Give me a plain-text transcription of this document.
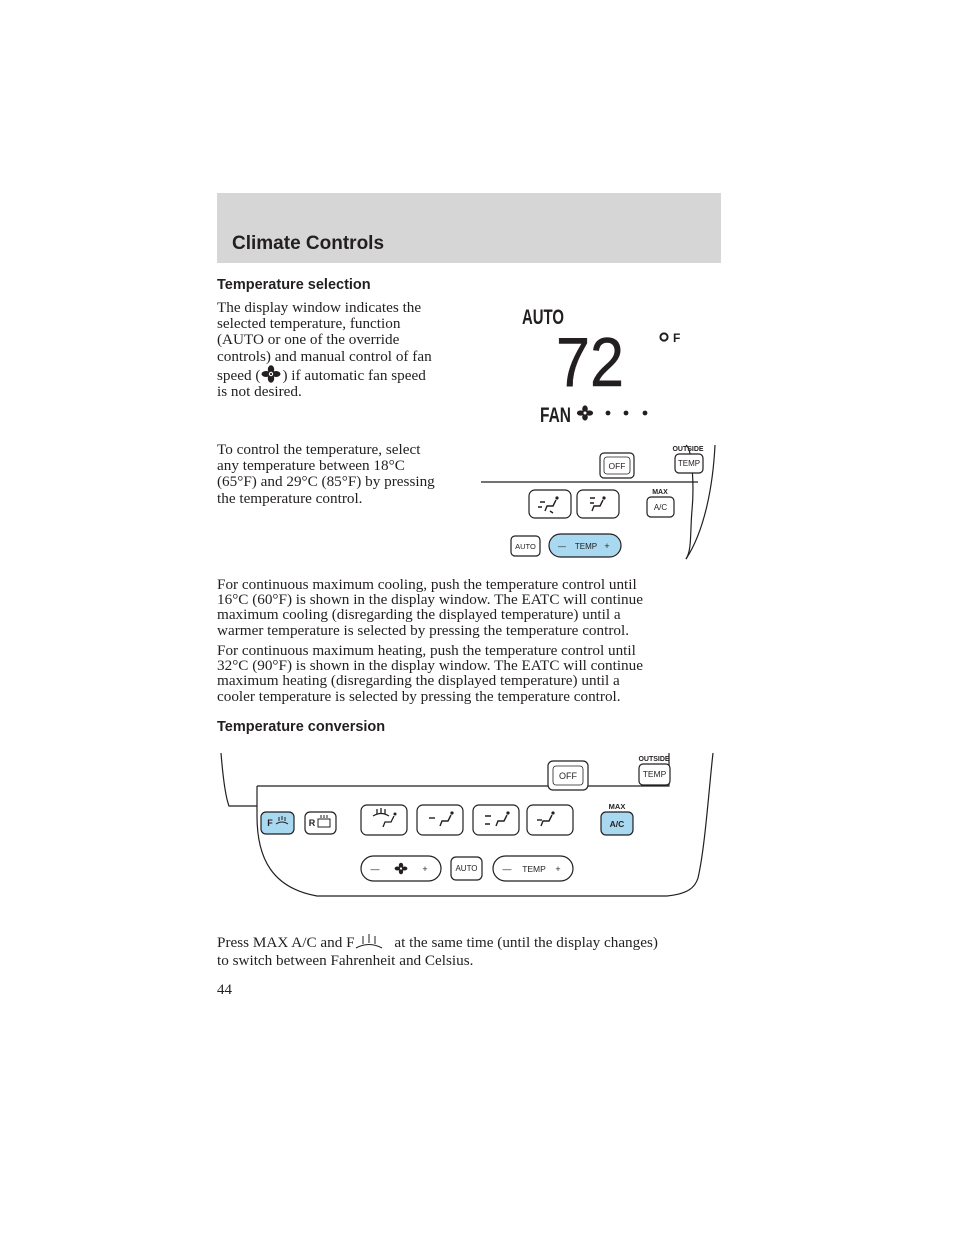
Climate Controls
Temperature selection
The display window indicates the
selected temperature, function
(AUTO or one of the override
controls) and manual control of fan
speed ( ) if automatic fan speed
is not desired.
AUTO
72	F
FAN
To control the temperature, select
any temperature between 18°C
(65°F) and 29°C (85°F) by pressing
the temperature control.
OFF
OUTSIDE
TEMP
MAX
A/C
AUTO	— TEMP +
For continuous maximum cooling, push the temperature control until
16°C (60°F) is shown in the display window. The EATC will continue
maximum cooling (disregarding the displayed temperature) until a
warmer temperature is selected by pressing the temperature control.
For continuous maximum heating, push the temperature control until
32°C (90°F) is shown in the display window. The EATC will continue
maximum heating (disregarding the displayed temperature) until a
cooler temperature is selected by pressing the temperature control.
Temperature conversion
OFF
OUTSIDE
TEMP
F	R
MAX
A/C
—	+	AUTO	— TEMP +
Press MAX A/C and F	at the same time (until the display changes)
to switch between Fahrenheit and Celsius.
44
